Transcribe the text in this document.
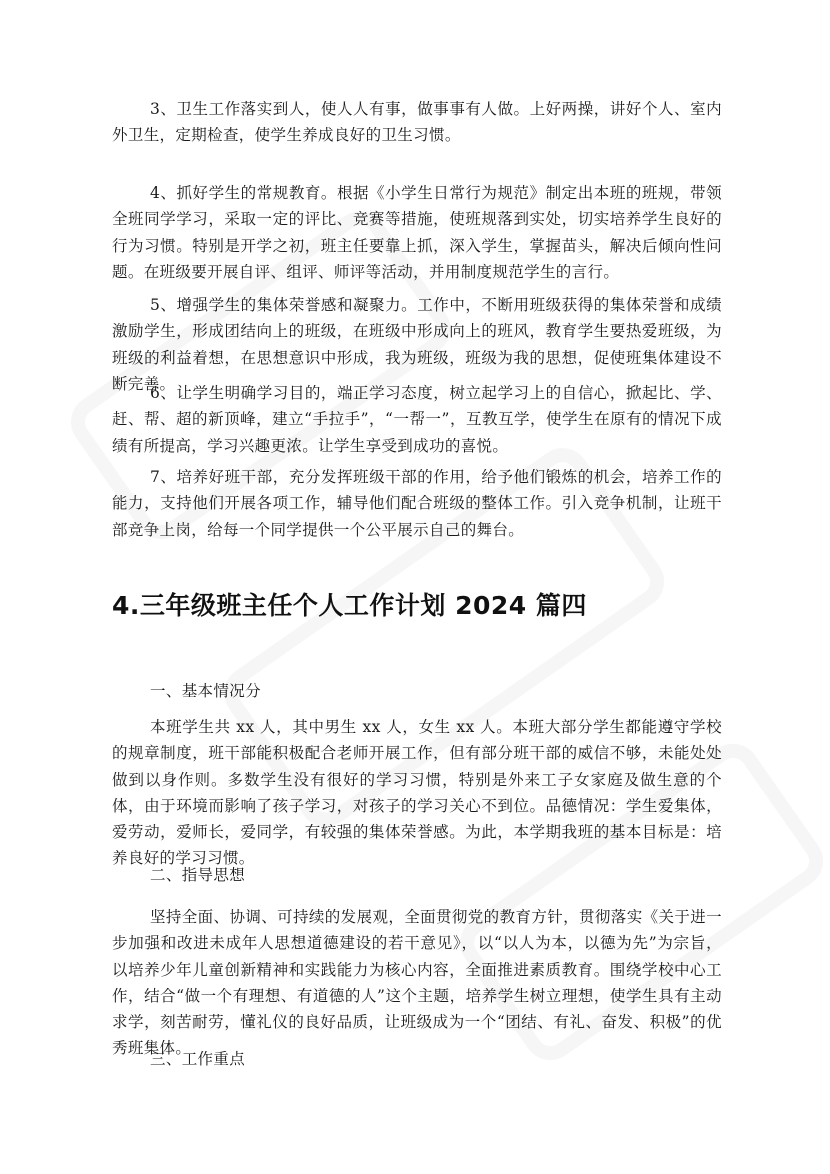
3、卫生工作落实到人，使人人有事，做事事有人做。上好两操，讲好个人、室内外卫生，定期检查，使学生养成良好的卫生习惯。

4、抓好学生的常规教育。根据《小学生日常行为规范》制定出本班的班规，带领全班同学学习，采取一定的评比、竞赛等措施，使班规落到实处，切实培养学生良好的行为习惯。特别是开学之初，班主任要靠上抓，深入学生，掌握苗头，解决后倾向性问题。在班级要开展自评、组评、师评等活动，并用制度规范学生的言行。

5、增强学生的集体荣誉感和凝聚力。工作中，不断用班级获得的集体荣誉和成绩激励学生，形成团结向上的班级，在班级中形成向上的班风，教育学生要热爱班级，为班级的利益着想，在思想意识中形成，我为班级，班级为我的思想，促使班集体建设不断完善。

6、让学生明确学习目的，端正学习态度，树立起学习上的自信心，掀起比、学、赶、帮、超的新顶峰，建立“手拉手”，“一帮一”，互教互学，使学生在原有的情况下成绩有所提高，学习兴趣更浓。让学生享受到成功的喜悦。

7、培养好班干部，充分发挥班级干部的作用，给予他们锻炼的机会，培养工作的能力，支持他们开展各项工作，辅导他们配合班级的整体工作。引入竞争机制，让班干部竞争上岗，给每一个同学提供一个公平展示自己的舞台。

4.三年级班主任个人工作计划 2024 篇四

一、基本情况分

本班学生共 xx 人，其中男生 xx 人，女生 xx 人。本班大部分学生都能遵守学校的规章制度，班干部能积极配合老师开展工作，但有部分班干部的威信不够，未能处处做到以身作则。多数学生没有很好的学习习惯，特别是外来工子女家庭及做生意的个体，由于环境而影响了孩子学习，对孩子的学习关心不到位。品德情况：学生爱集体，爱劳动，爱师长，爱同学，有较强的集体荣誉感。为此，本学期我班的基本目标是：培养良好的学习习惯。

二、指导思想

坚持全面、协调、可持续的发展观，全面贯彻党的教育方针，贯彻落实《关于进一步加强和改进未成年人思想道德建设的若干意见》，以“以人为本，以德为先”为宗旨，以培养少年儿童创新精神和实践能力为核心内容，全面推进素质教育。围绕学校中心工作，结合“做一个有理想、有道德的人”这个主题，培养学生树立理想，使学生具有主动求学，刻苦耐劳，懂礼仪的良好品质，让班级成为一个“团结、有礼、奋发、积极”的优秀班集体。

三、工作重点
